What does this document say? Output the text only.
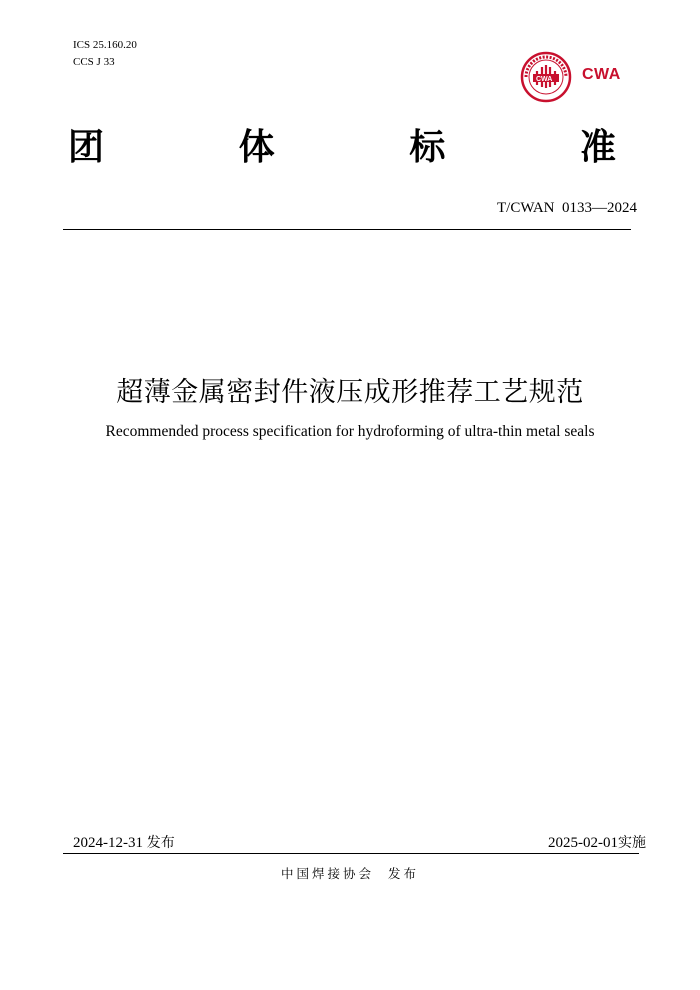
ICS 25.160.20
CCS J 33
CWA CWA
团	体	标	准
T/CWAN  0133—2024
超薄金属密封件液压成形推荐工艺规范
Recommended process specification for hydroforming of ultra-thin metal seals
2024-12-31 发布	2025-02-01实施
中国焊接协会  发布
